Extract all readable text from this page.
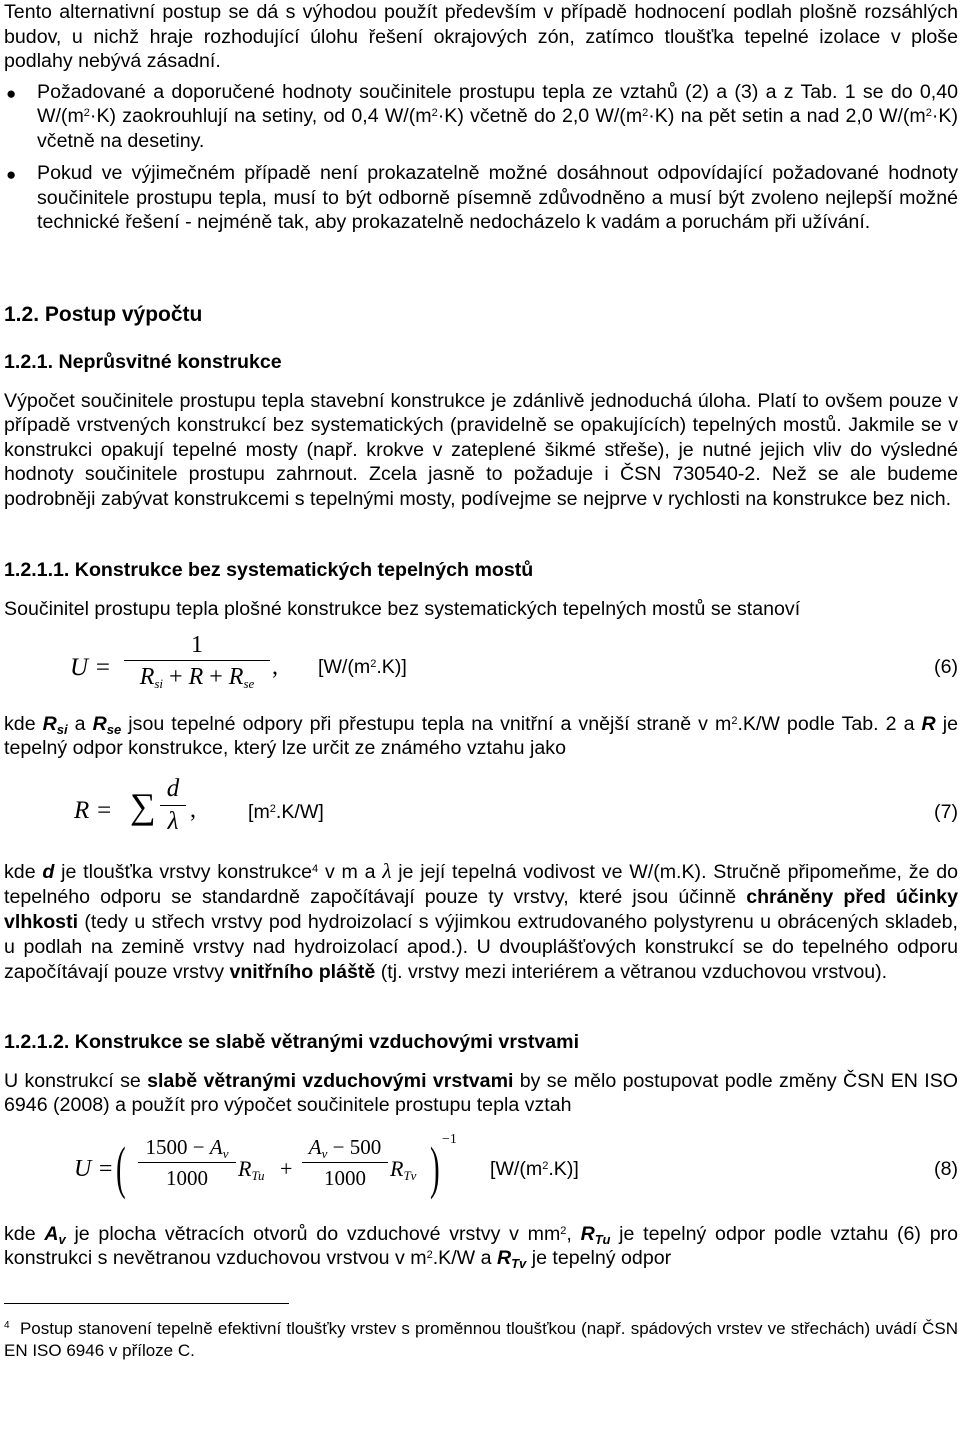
Tento alternativní postup se dá s výhodou použít především v případě hodnocení podlah plošně rozsáhlých budov, u nichž hraje rozhodující úlohu řešení okrajových zón, zatímco tloušťka tepelné izolace v ploše podlahy nebývá zásadní.

● Požadované a doporučené hodnoty součinitele prostupu tepla ze vztahů (2) a (3) a z Tab. 1 se do 0,40 $W/(m^2\cdot K)$ zaokrouhlují na setiny, od 0,4 $W/(m^2\cdot K)$ včetně do 2,0 $W/(m^2\cdot K)$ na pět setin a nad 2,0 $W/(m^2\cdot K)$ včetně na desetiny.
● Pokud ve výjimečném případě není prokazatelně možné dosáhnout odpovídající požadované hodnoty součinitele prostupu tepla, musí to být odborně písemně zdůvodněno a musí být zvoleno nejlepší možné technické řešení - nejméně tak, aby prokazatelně nedocházelo k vadám a poruchám při užívání.
1.2. Postup výpočtu
1.2.1. Neprůsvitné konstrukce

Výpočet součinitele prostupu tepla stavební konstrukce je zdánlivě jednoduchá úloha. Platí to ovšem pouze v případě vrstvených konstrukcí bez systematických (pravidelně se opakujících) tepelných mostů. Jakmile se v konstrukci opakují tepelné mosty (např. krokve v zateplené šikmé střeše), je nutné jejich vliv do výsledné hodnoty součinitele prostupu zahrnout. Zcela jasně to požaduje i ČSN 730540-2. Než se ale budeme podrobněji zabývat konstrukcemi s tepelnými mosty, podívejme se nejprve v rychlosti na konstrukce bez nich.

1.2.1.1. Konstrukce bez systematických tepelných mostů

Součinitel prostupu tepla plošné konstrukce bez systematických tepelných mostů se stanoví

U =
1
$R_{si} + R + R_{se}$
, $[W/(m^2.K)]$	(6)

kde $R_{si}$ a $R_{se}$ jsou tepelné odpory při přestupu tepla na vnitřní a vnější straně v $m^2.K/W$ podle Tab. 2 a R je tepelný odpor konstrukce, který lze určit ze známého vztahu jako

R = ∑ d
λ ,	$[m^2.K/W]$	(7)

kde d je tloušťka vrstvy konstrukce$^4$ v m a λ je její tepelná vodivost ve W/(m.K). Stručně připomeňme, že do tepelného odporu se standardně započítávají pouze ty vrstvy, které jsou účinně chráněny před účinky vlhkosti (tedy u střech vrstvy pod hydroizolací s výjimkou extrudovaného polystyrenu u obrácených skladeb, u podlah na zemině vrstvy nad hydroizolací apod.). U dvouplášťových konstrukcí se do tepelného odporu započítávají pouze vrstvy vnitřního pláště (tj. vrstvy mezi interiérem a větranou vzduchovou vrstvou).

1.2.1.2. Konstrukce se slabě větranými vzduchovými vrstvami

U konstrukcí se slabě větranými vzduchovými vrstvami by se mělo postupovat podle změny ČSN EN ISO 6946 (2008) a použít pro výpočet součinitele prostupu tepla vztah

U = ( $1500 - A_v$
1000	$R_{Tu}$ +
$A_v - 500$
1000	$R_{Tv}$ ) −1
$[W/(m^2.K)]$	(8)

kde $A_v$ je plocha větracích otvorů do vzduchové vrstvy v $mm^2$, $R_{Tu}$ je tepelný odpor podle vztahu (6) pro konstrukci s nevětranou vzduchovou vrstvou v $m^2.K/W$ a $R_{Tv}$ je tepelný odpor

$^4$ Postup stanovení tepelně efektivní tloušťky vrstev s proměnnou tloušťkou (např. spádových vrstev ve střechách) uvádí ČSN EN ISO 6946 v příloze C.
